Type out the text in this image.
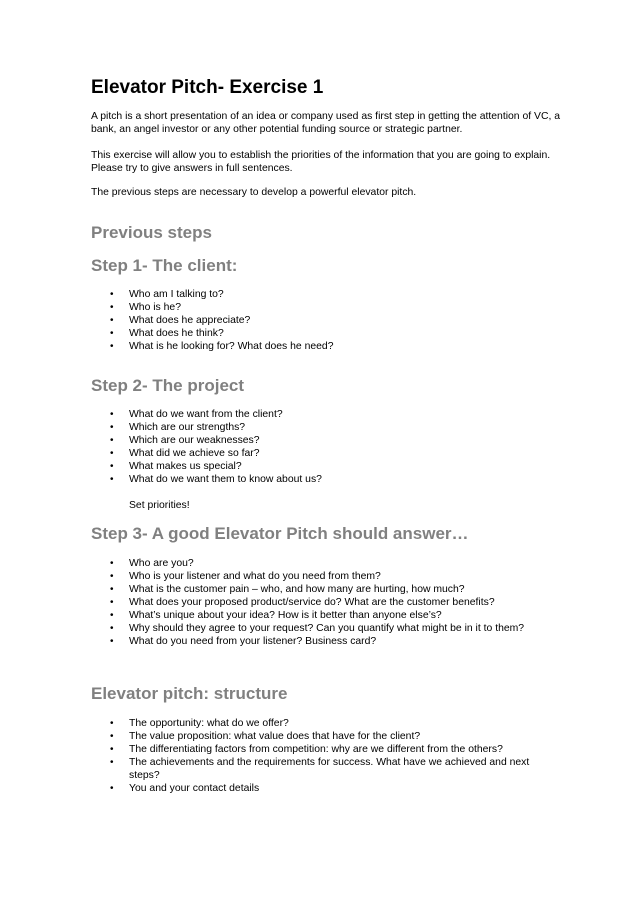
Elevator Pitch- Exercise 1

A pitch is a short presentation of an idea or company used as first step in getting the attention of VC, a bank, an angel investor or any other potential funding source or strategic partner.

This exercise will allow you to establish the priorities of the information that you are going to explain. Please try to give answers in full sentences.

The previous steps are necessary to develop a powerful elevator pitch.

Previous steps
Step 1- The client:
• Who am I talking to?
• Who is he?
• What does he appreciate?
• What does he think?
• What is he looking for? What does he need?
Step 2- The project
• What do we want from the client?
• Which are our strengths?
• Which are our weaknesses?
• What did we achieve so far?
• What makes us special?
• What do we want them to know about us?

Set priorities!

Step 3- A good Elevator Pitch should answer…
• Who are you?
• Who is your listener and what do you need from them?
• What is the customer pain – who, and how many are hurting, how much?
• What does your proposed product/service do? What are the customer benefits?
• What’s unique about your idea? How is it better than anyone else’s?
• Why should they agree to your request? Can you quantify what might be in it to them?
• What do you need from your listener? Business card?
Elevator pitch: structure
• The opportunity: what do we offer?
• The value proposition: what value does that have for the client?
• The differentiating factors from competition: why are we different from the others?
• The achievements and the requirements for success. What have we achieved and next steps?
• You and your contact details
